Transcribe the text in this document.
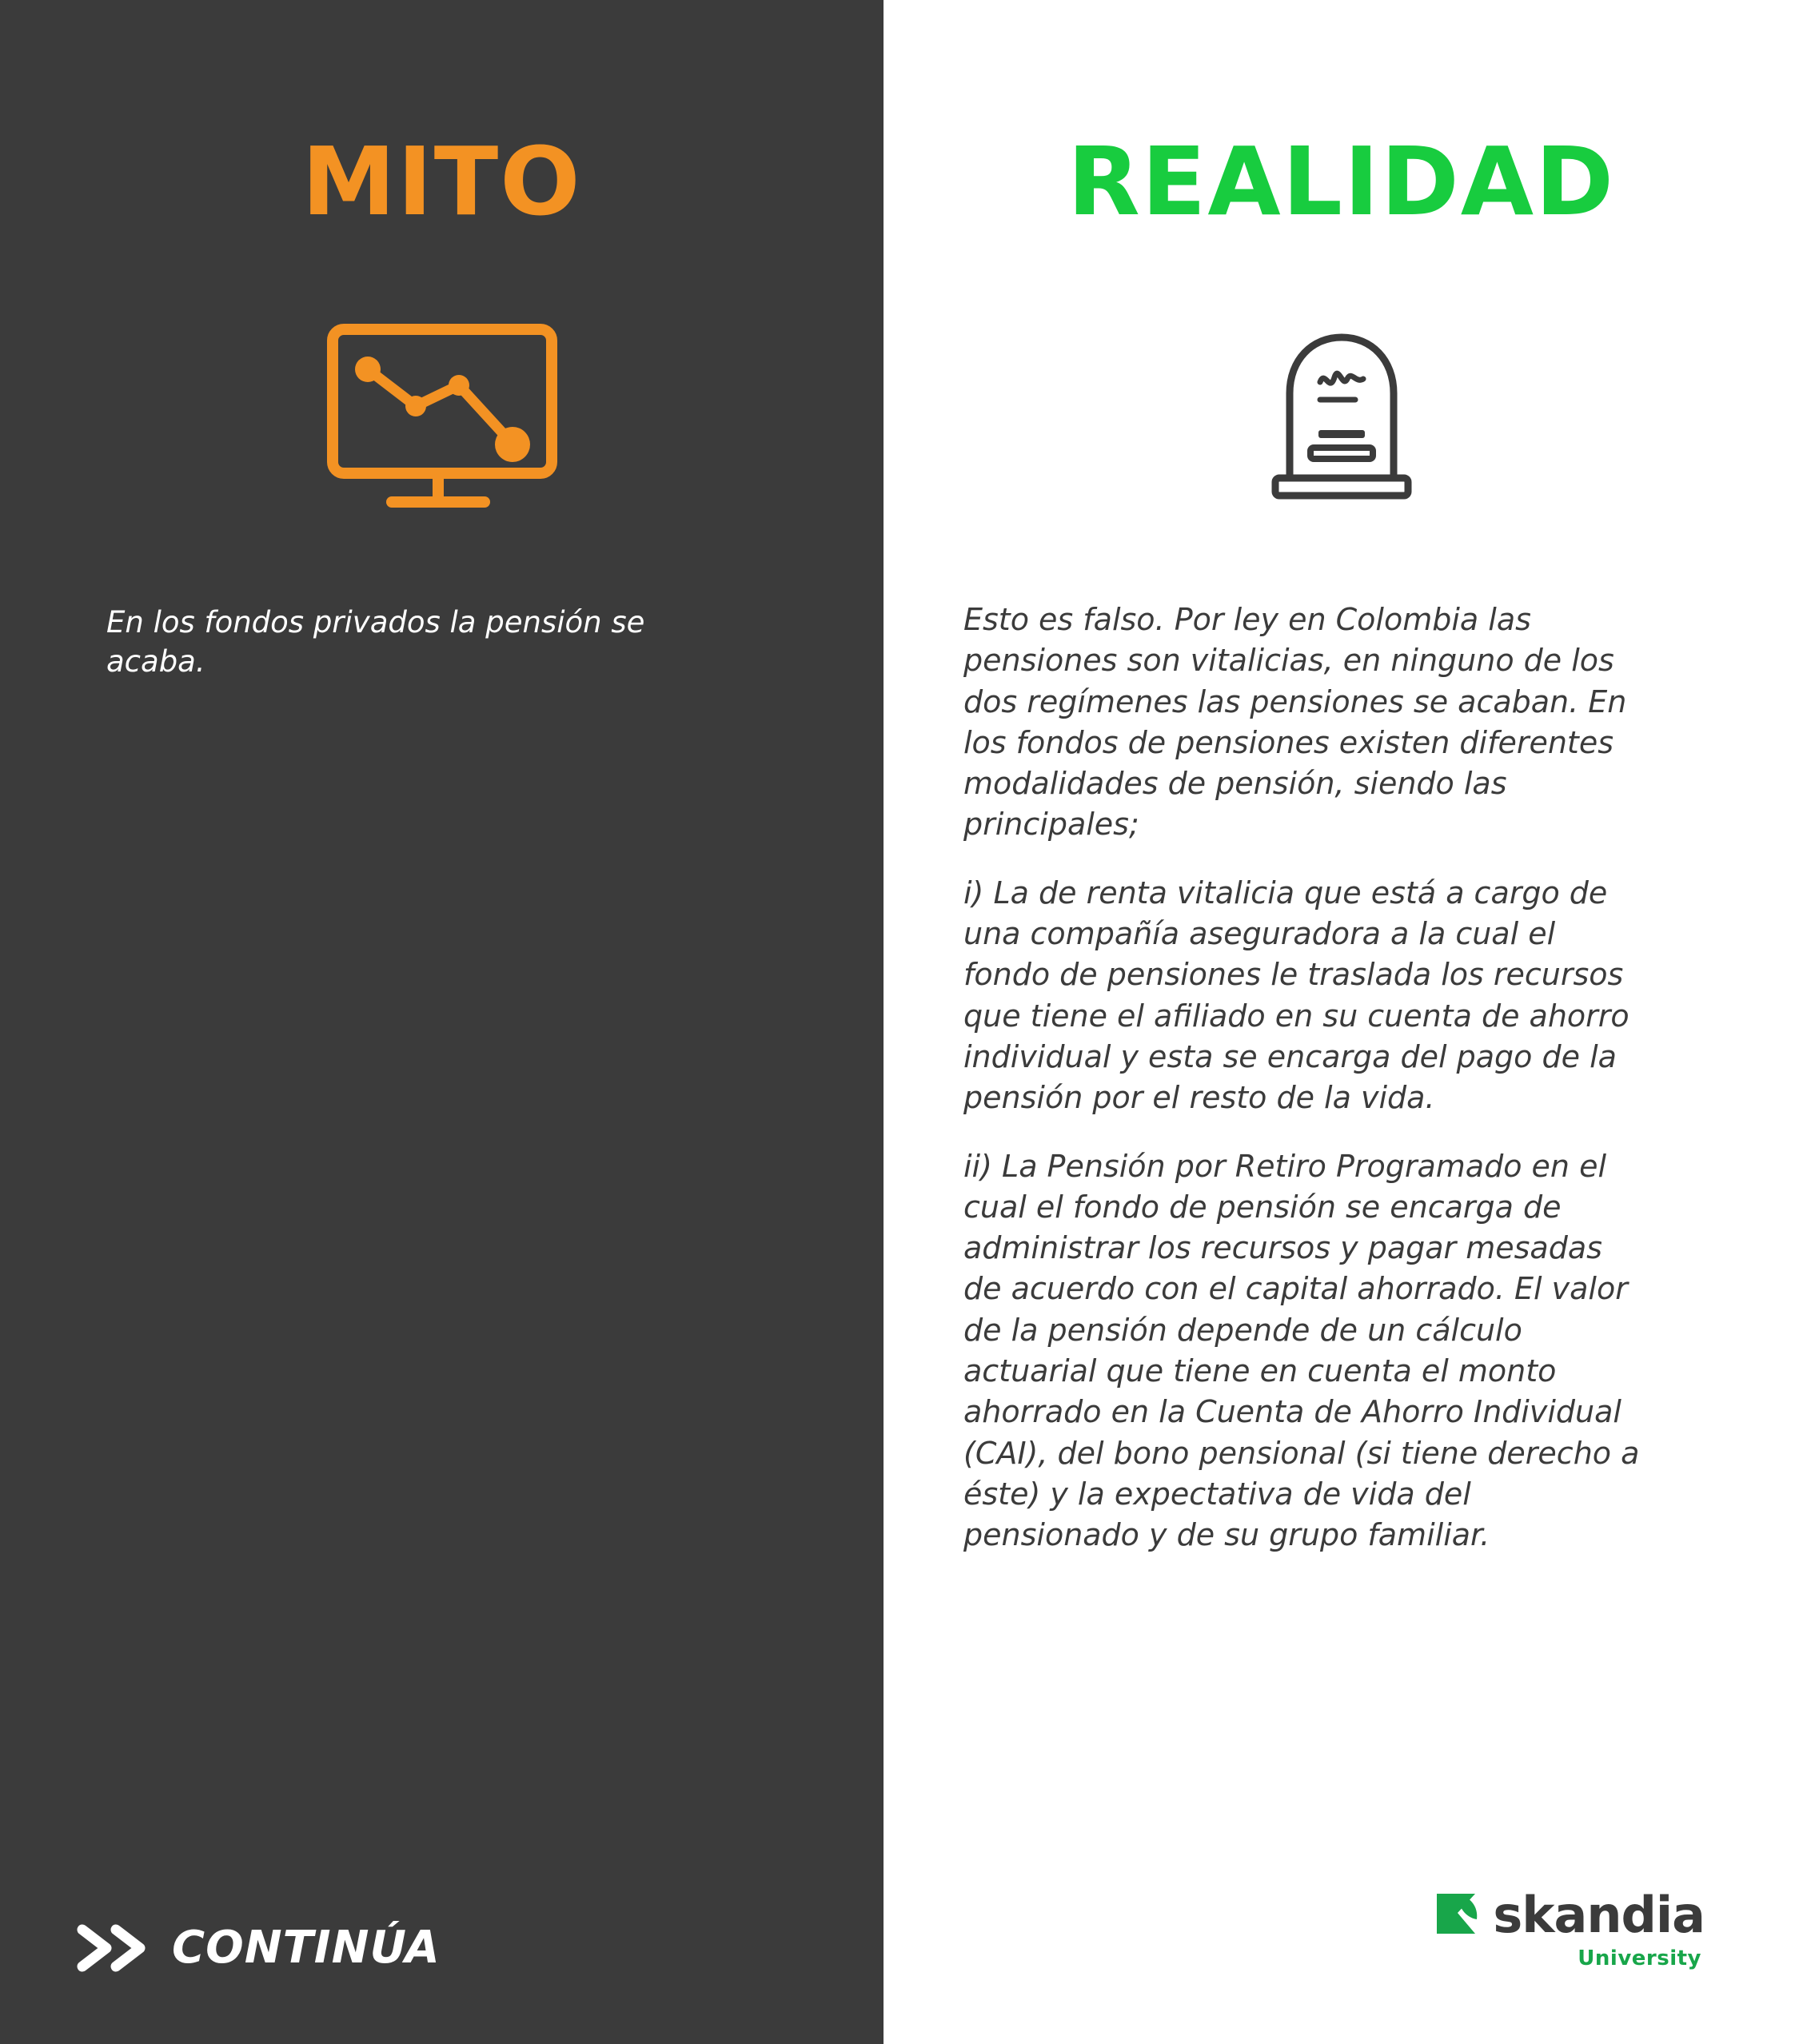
MITO
En los fondos privados la pensión se acaba.
CONTINÚA
REALIDAD

Esto es falso. Por ley en Colombia las pensiones son vitalicias, en ninguno de los dos regímenes las pensiones se acaban. En los fondos de pensiones existen diferentes modalidades de pensión, siendo las principales;

i) La de renta vitalicia que está a cargo de una compañía aseguradora a la cual el fondo de pensiones le traslada los recursos que tiene el afiliado en su cuenta de ahorro individual y esta se encarga del pago de la pensión por el resto de la vida.

ii) La Pensión por Retiro Programado en el cual el fondo de pensión se encarga de administrar los recursos y pagar mesadas de acuerdo con el capital ahorrado. El valor de la pensión depende de un cálculo actuarial que tiene en cuenta el monto ahorrado en la Cuenta de Ahorro Individual (CAI), del bono pensional (si tiene derecho a éste) y la expectativa de vida del pensionado y de su grupo familiar.

skandia
University
